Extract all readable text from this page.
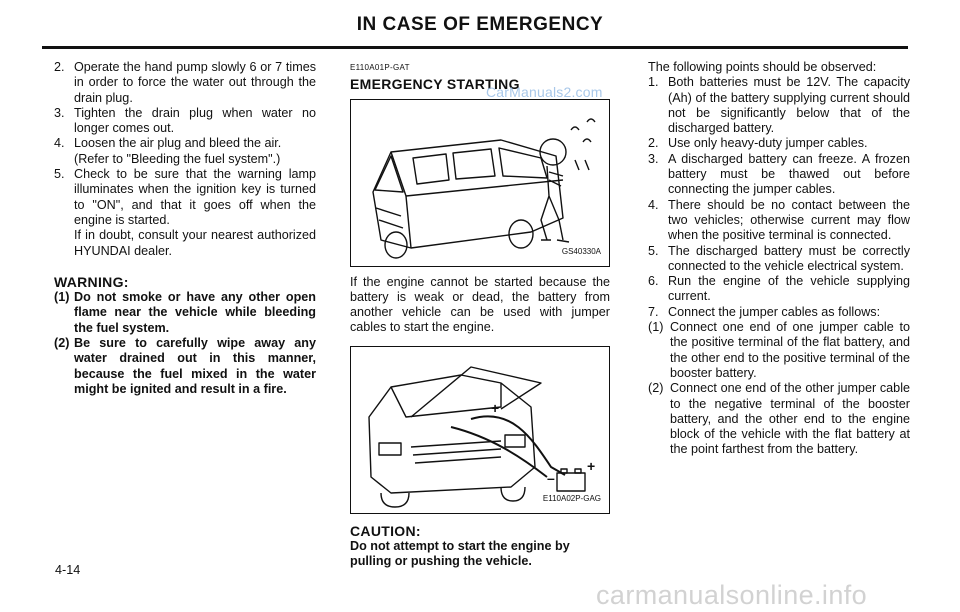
IN CASE OF EMERGENCY
2. Operate the hand pump slowly 6 or 7 times in order to force the water out through the drain plug.
3. Tighten the drain plug when water no longer comes out.
4. Loosen the air plug and bleed the air.
(Refer to "Bleeding the fuel system".)
5. Check to be sure that the warning lamp illuminates when the ignition key is turned to "ON", and that it goes off when the engine is started.
If in doubt, consult your nearest authorized HYUNDAI dealer.
WARNING:
(1) Do not smoke or have any other open flame near the vehicle while bleeding the fuel system.
(2) Be sure to carefully wipe away any water drained out in this manner, because the fuel mixed in the water might be ignited and result in a fire.
E110A01P-GAT
EMERGENCY STARTING
GS40330A
If the engine cannot be started because the battery is weak or dead, the battery from another vehicle can be used with jumper cables to start the engine.
+
+
–
E110A02P-GAG
CAUTION:
Do not attempt to start the engine by pulling or pushing the vehicle.
The following points should be observed:
1. Both batteries must be 12V. The capacity (Ah) of the battery supplying current should not be significantly below that of the discharged battery.
2. Use only heavy-duty jumper cables.
3. A discharged battery can freeze. A frozen battery must be thawed out before connecting the jumper cables.
4. There should be no contact between the two vehicles; otherwise current may flow when the positive terminal is connected.
5. The discharged battery must be correctly connected to the vehicle electrical system.
6. Run the engine of the vehicle supplying current.
7. Connect the jumper cables as follows:
(1) Connect one end of one jumper cable to the positive terminal of the flat battery, and the other end to the positive terminal of the booster battery.
(2) Connect one end of the other jumper cable to the negative terminal of the booster battery, and the other end to the engine block of the vehicle with the flat battery at the point farthest from the battery.
CarManuals2.com
4-14
carmanualsonline.info
